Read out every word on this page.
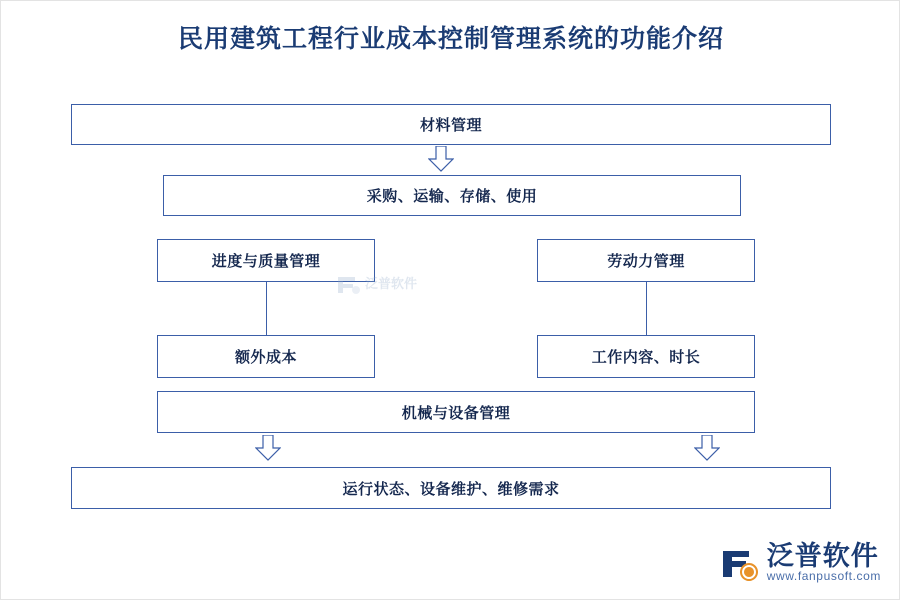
民用建筑工程行业成本控制管理系统的功能介绍
材料管理
采购、运输、存储、使用
进度与质量管理	劳动力管理
额外成本	工作内容、时长
机械与设备管理
运行状态、设备维护、维修需求
泛普软件
泛普软件
www.fanpusoft.com
